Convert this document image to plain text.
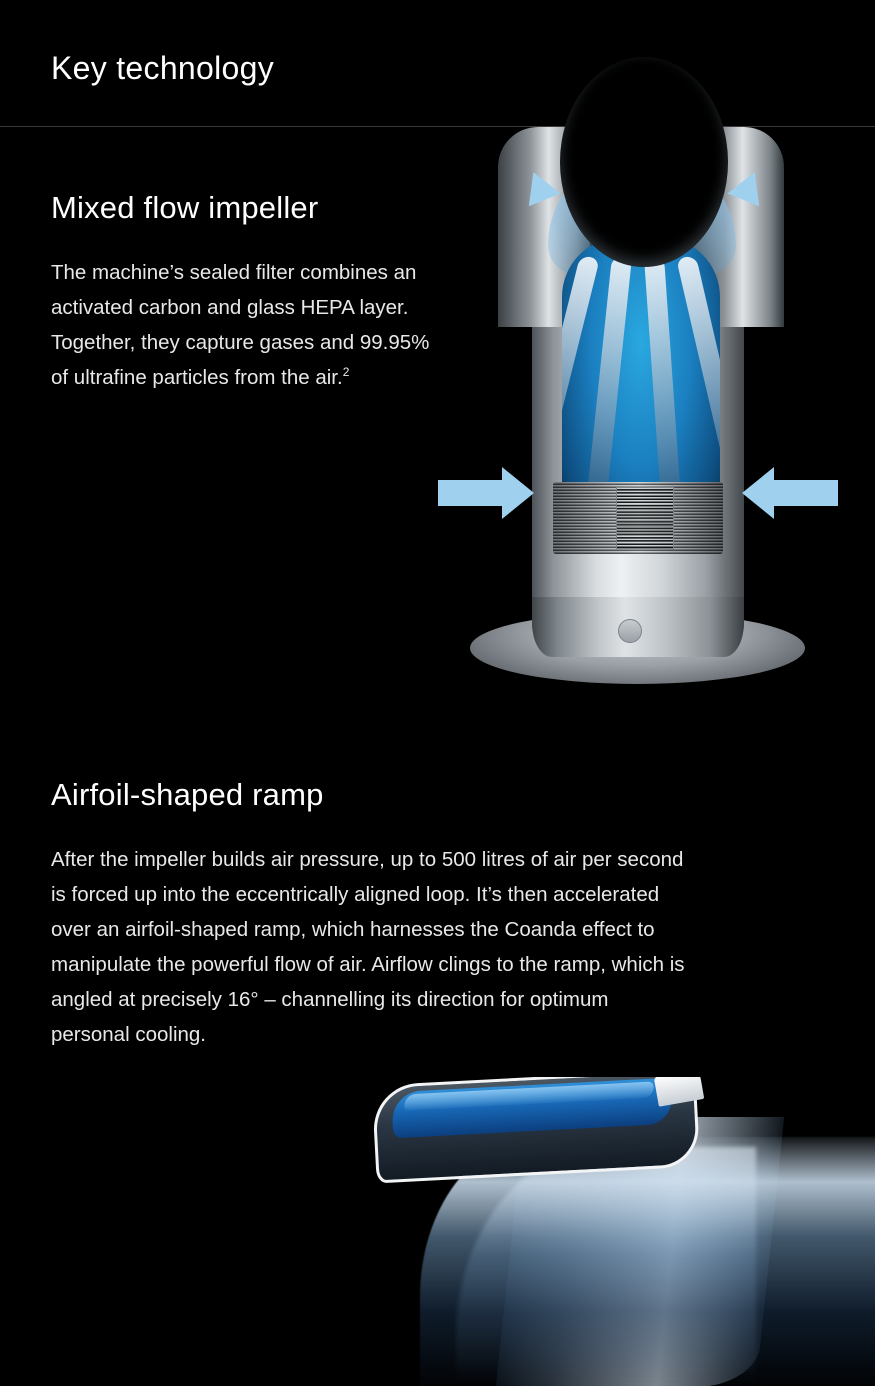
Key technology
Mixed flow impeller
The machine’s sealed filter combines an activated carbon and glass HEPA layer. Together, they capture gases and 99.95% of ultrafine particles from the air.$^2$
Airfoil-shaped ramp
After the impeller builds air pressure, up to 500 litres of air per second is forced up into the eccentrically aligned loop. It’s then accelerated over an airfoil-shaped ramp, which harnesses the Coanda effect to manipulate the powerful flow of air. Airflow clings to the ramp, which is angled at precisely 16° – channelling its direction for optimum personal cooling.
